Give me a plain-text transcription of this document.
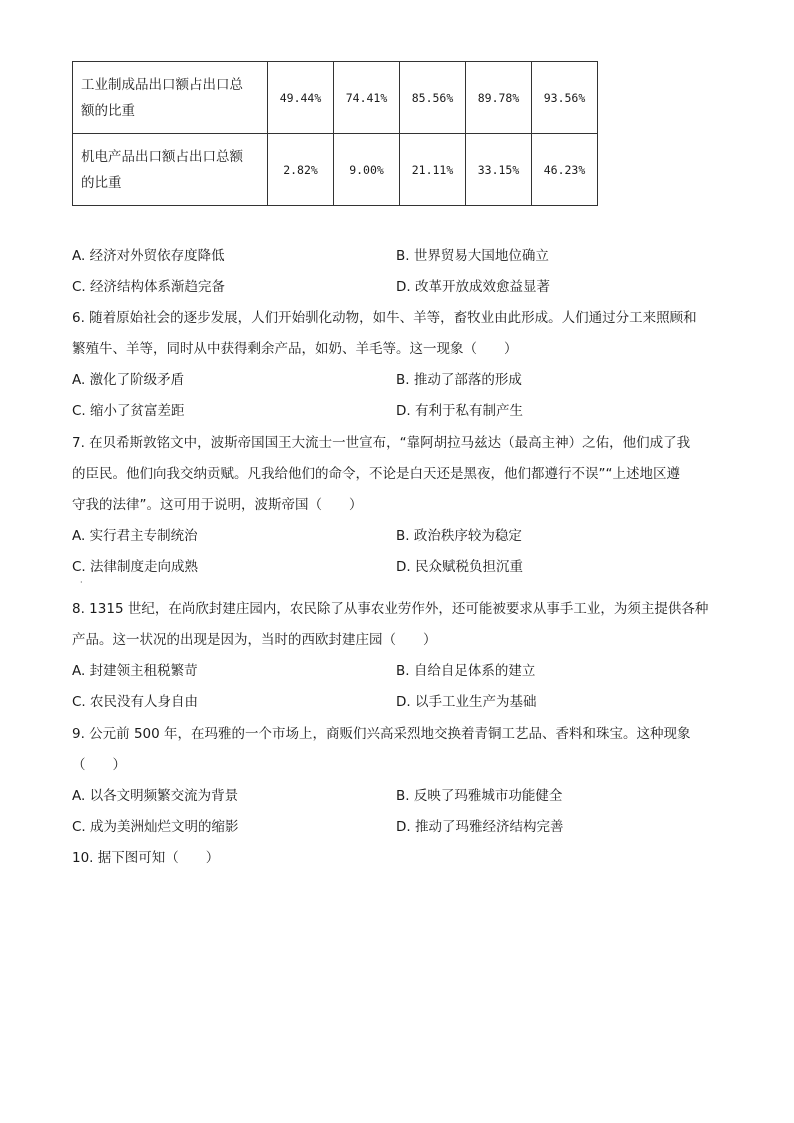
工业制成品出口额占出口总
额的比重	49.44%	74.41%	85.56%	89.78%	93.56%

机电产品出口额占出口总额
的比重	2.82%	9.00%	21.11%	33.15%	46.23%
A. 经济对外贸依存度降低	B. 世界贸易大国地位确立
C. 经济结构体系渐趋完备	D. 改革开放成效愈益显著
6. 随着原始社会的逐步发展，人们开始驯化动物，如牛、羊等，畜牧业由此形成。人们通过分工来照顾和
繁殖牛、羊等，同时从中获得剩余产品，如奶、羊毛等。这一现象（　　）
A. 激化了阶级矛盾	B. 推动了部落的形成
C. 缩小了贫富差距	D. 有利于私有制产生
7. 在贝希斯敦铭文中，波斯帝国国王大流士一世宣布，“靠阿胡拉马兹达（最高主神）之佑，他们成了我
的臣民。他们向我交纳贡赋。凡我给他们的命令，不论是白天还是黑夜，他们都遵行不误”“上述地区遵
守我的法律”。这可用于说明，波斯帝国（　　）
A. 实行君主专制统治	B. 政治秩序较为稳定
C. 法律制度走向成熟	D. 民众赋税负担沉重
·
8. 1315 世纪，在尚欣封建庄园内，农民除了从事农业劳作外，还可能被要求从事手工业，为须主提供各种
产品。这一状况的出现是因为，当时的西欧封建庄园（　　）
A. 封建领主租税繁苛	B. 自给自足体系的建立
C. 农民没有人身自由	D. 以手工业生产为基础
9. 公元前 500 年，在玛雅的一个市场上，商贩们兴高采烈地交换着青铜工艺品、香料和珠宝。这种现象
（　　）
A. 以各文明频繁交流为背景	B. 反映了玛雅城市功能健全
C. 成为美洲灿烂文明的缩影	D. 推动了玛雅经济结构完善
10. 据下图可知（　　）
